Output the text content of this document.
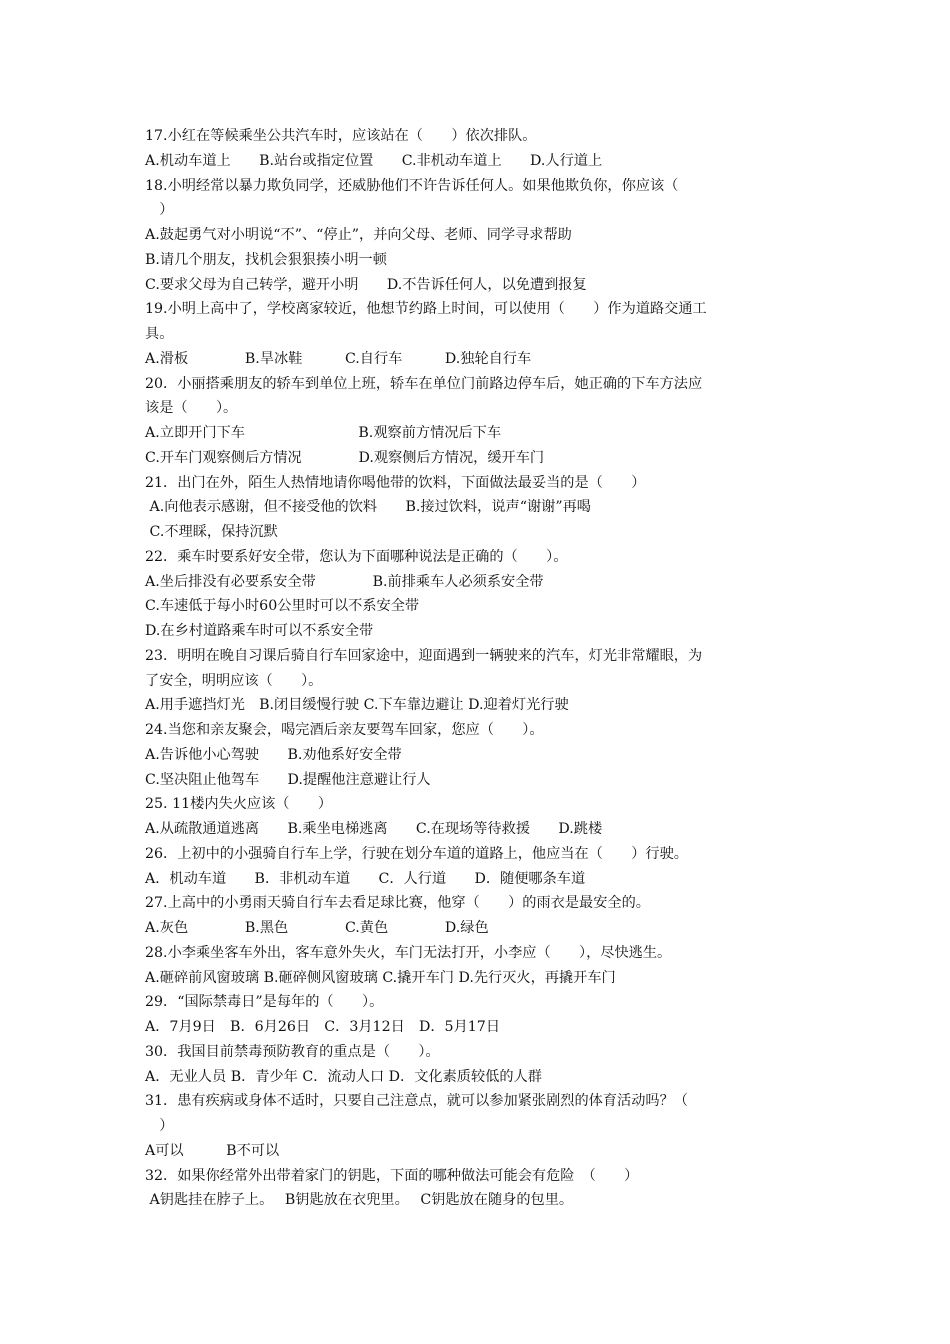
17.小红在等候乘坐公共汽车时，应该站在（　　）依次排队。
A.机动车道上　　B.站台或指定位置　　C.非机动车道上　　D.人行道上
18.小明经常以暴力欺负同学，还威胁他们不许告诉任何人。如果他欺负你，你应该（
　）
A.鼓起勇气对小明说“不”、“停止”，并向父母、老师、同学寻求帮助
B.请几个朋友，找机会狠狠揍小明一顿
C.要求父母为自己转学，避开小明　　D.不告诉任何人，以免遭到报复
19.小明上高中了，学校离家较近，他想节约路上时间，可以使用（　　）作为道路交通工
具。
A.滑板　　　　B.旱冰鞋　　　C.自行车　　　D.独轮自行车
20．小丽搭乘朋友的轿车到单位上班，轿车在单位门前路边停车后，她正确的下车方法应
该是（　　）。
A.立即开门下车　　　　　　　　B.观察前方情况后下车
C.开车门观察侧后方情况　　　　D.观察侧后方情况，缓开车门
21．出门在外，陌生人热情地请你喝他带的饮料，下面做法最妥当的是（　　）
A.向他表示感谢，但不接受他的饮料　　B.接过饮料，说声“谢谢”再喝
C.不理睬，保持沉默
22．乘车时要系好安全带，您认为下面哪种说法是正确的（　　）。
A.坐后排没有必要系安全带　　　　B.前排乘车人必须系安全带
C.车速低于每小时60公里时可以不系安全带
D.在乡村道路乘车时可以不系安全带
23．明明在晚自习课后骑自行车回家途中，迎面遇到一辆驶来的汽车，灯光非常耀眼，为
了安全，明明应该（　　）。
A.用手遮挡灯光　B.闭目缓慢行驶 C.下车靠边避让 D.迎着灯光行驶
24.当您和亲友聚会，喝完酒后亲友要驾车回家，您应（　　）。
A.告诉他小心驾驶　　B.劝他系好安全带
C.坚决阻止他驾车　　D.提醒他注意避让行人
25. 11楼内失火应该（　　）
A.从疏散通道逃离　　B.乘坐电梯逃离　　C.在现场等待救援　　D.跳楼
26．上初中的小强骑自行车上学，行驶在划分车道的道路上，他应当在（　　）行驶。
A．机动车道　　B．非机动车道　　C．人行道　　D．随便哪条车道
27.上高中的小勇雨天骑自行车去看足球比赛，他穿（　　）的雨衣是最安全的。
A.灰色　　　　B.黑色　　　　C.黄色　　　　D.绿色
28.小李乘坐客车外出，客车意外失火，车门无法打开，小李应（　　），尽快逃生。
A.砸碎前风窗玻璃 B.砸碎侧风窗玻璃 C.撬开车门 D.先行灭火，再撬开车门
29．“国际禁毒日”是每年的（　　）。
A．7月9日　B．6月26日　C．3月12日　D．5月17日
30．我国目前禁毒预防教育的重点是（　　）。
A．无业人员 B．青少年 C．流动人口 D．文化素质较低的人群
31．患有疾病或身体不适时，只要自己注意点，就可以参加紧张剧烈的体育活动吗？（
　）
A可以　　　B不可以
32．如果你经常外出带着家门的钥匙，下面的哪种做法可能会有危险　（　　）
A钥匙挂在脖子上。　 B钥匙放在衣兜里。　 C钥匙放在随身的包里。
